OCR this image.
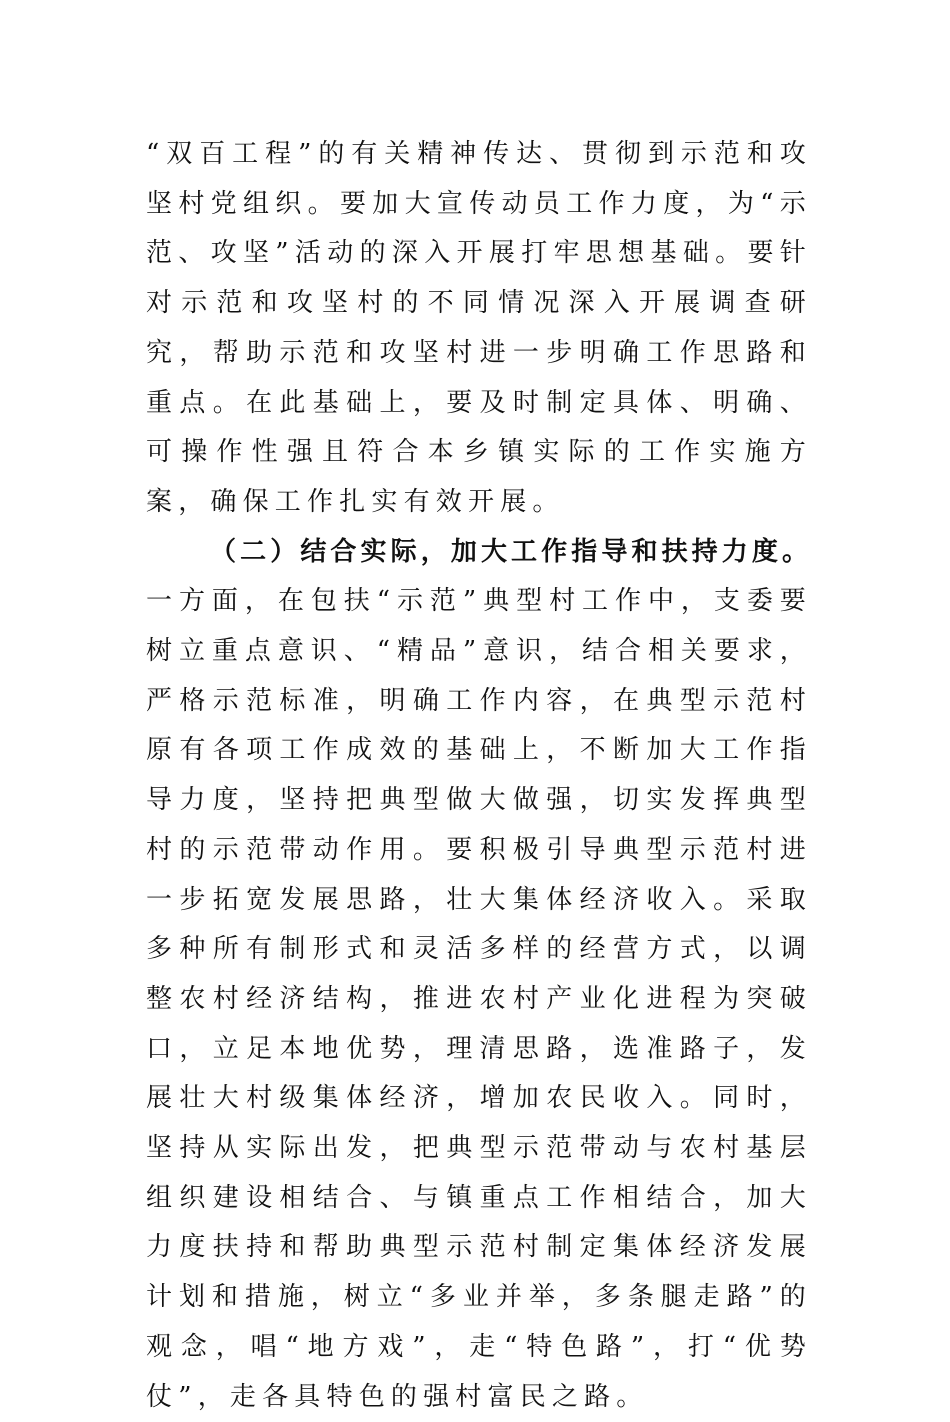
“双百工程”的有关精神传达、贯彻到示范和攻坚村党组织。要加大宣传动员工作力度，为“示范、攻坚”活动的深入开展打牢思想基础。要针对示范和攻坚村的不同情况深入开展调查研究，帮助示范和攻坚村进一步明确工作思路和重点。在此基础上，要及时制定具体、明确、可操作性强且符合本乡镇实际的工作实施方案，确保工作扎实有效开展。

（二）结合实际，加大工作指导和扶持力度。一方面，在包扶“示范”典型村工作中，支委要树立重点意识、“精品”意识，结合相关要求，严格示范标准，明确工作内容，在典型示范村原有各项工作成效的基础上，不断加大工作指导力度，坚持把典型做大做强，切实发挥典型村的示范带动作用。要积极引导典型示范村进一步拓宽发展思路，壮大集体经济收入。采取多种所有制形式和灵活多样的经营方式，以调整农村经济结构，推进农村产业化进程为突破口，立足本地优势，理清思路，选准路子，发展壮大村级集体经济，增加农民收入。同时，坚持从实际出发，把典型示范带动与农村基层组织建设相结合、与镇重点工作相结合，加大力度扶持和帮助典型示范村制定集体经济发展计划和措施，树立“多业并举，多条腿走路”的观念，唱“地方戏”，走“特色路”，打“优势仗”，走各具特色的强村富民之路。
